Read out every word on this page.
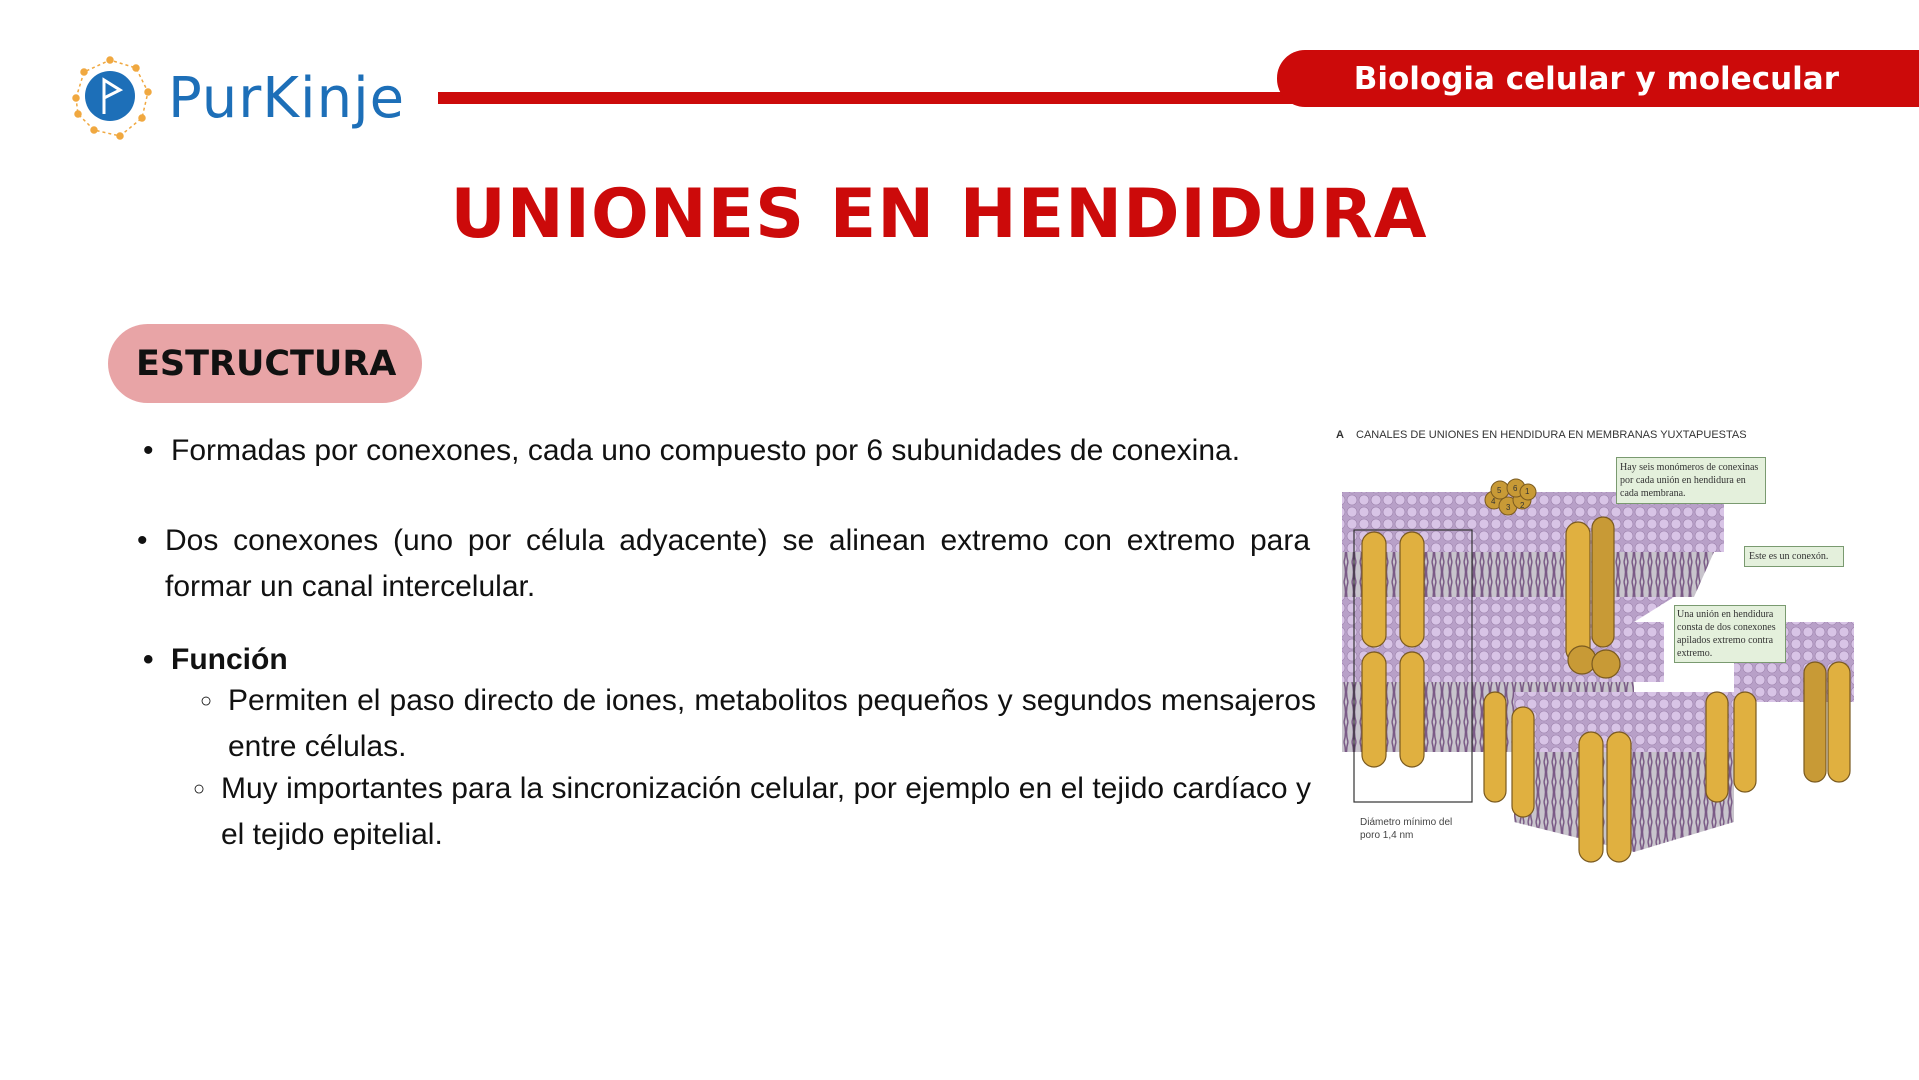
PurKinje	Biologia celular y molecular
UNIONES EN HENDIDURA
ESTRUCTURA
• Formadas por conexones, cada uno compuesto por 6 subunidades de conexina.
• Dos conexones (uno por célula adyacente) se alinean extremo con extremo para formar un canal intercelular.
• Función
○ Permiten el paso directo de iones, metabolitos pequeños y segundos mensajeros entre células.
○ Muy importantes para la sincronización celular, por ejemplo en el tejido cardíaco y el tejido epitelial.
A CANALES DE UNIONES EN HENDIDURA EN MEMBRANAS YUXTAPUESTAS
1
2
3
4
5 6
Hay seis monómeros de conexinas por cada unión en hendidura en cada membrana.
Este es un conexón.
Una unión en hendidura consta de dos conexones apilados extremo contra extremo.
Diámetro mínimo del poro 1,4 nm
